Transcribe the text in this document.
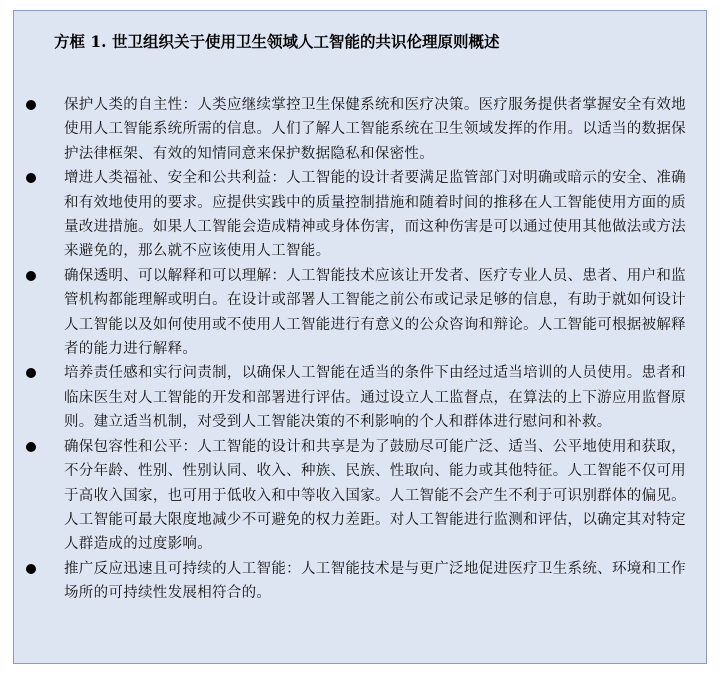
方框 1. 世卫组织关于使用卫生领域人工智能的共识伦理原则概述
保护人类的自主性：人类应继续掌控卫生保健系统和医疗决策。医疗服务提供者掌握安全有效地使用人工智能系统所需的信息。人们了解人工智能系统在卫生领域发挥的作用。以适当的数据保护法律框架、有效的知情同意来保护数据隐私和保密性。
增进人类福祉、安全和公共利益：人工智能的设计者要满足监管部门对明确或暗示的安全、准确和有效地使用的要求。应提供实践中的质量控制措施和随着时间的推移在人工智能使用方面的质量改进措施。如果人工智能会造成精神或身体伤害，而这种伤害是可以通过使用其他做法或方法来避免的，那么就不应该使用人工智能。
确保透明、可以解释和可以理解：人工智能技术应该让开发者、医疗专业人员、患者、用户和监管机构都能理解或明白。在设计或部署人工智能之前公布或记录足够的信息，有助于就如何设计人工智能以及如何使用或不使用人工智能进行有意义的公众咨询和辩论。人工智能可根据被解释者的能力进行解释。
培养责任感和实行问责制，以确保人工智能在适当的条件下由经过适当培训的人员使用。患者和临床医生对人工智能的开发和部署进行评估。通过设立人工监督点，在算法的上下游应用监督原则。建立适当机制，对受到人工智能决策的不利影响的个人和群体进行慰问和补救。
确保包容性和公平：人工智能的设计和共享是为了鼓励尽可能广泛、适当、公平地使用和获取，不分年龄、性别、性别认同、收入、种族、民族、性取向、能力或其他特征。人工智能不仅可用于高收入国家，也可用于低收入和中等收入国家。人工智能不会产生不利于可识别群体的偏见。人工智能可最大限度地减少不可避免的权力差距。对人工智能进行监测和评估，以确定其对特定人群造成的过度影响。
推广反应迅速且可持续的人工智能：人工智能技术是与更广泛地促进医疗卫生系统、环境和工作场所的可持续性发展相符合的。
